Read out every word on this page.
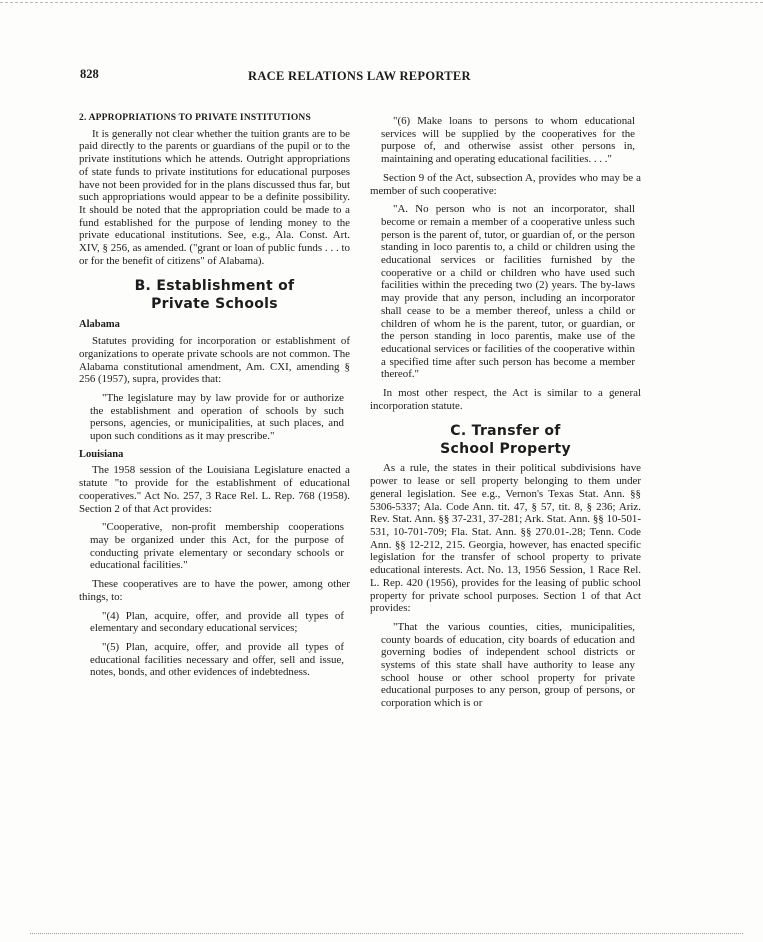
828	RACE RELATIONS LAW REPORTER
2. APPROPRIATIONS TO PRIVATE INSTITUTIONS

It is generally not clear whether the tuition grants are to be paid directly to the parents or guardians of the pupil or to the private institutions which he attends. Outright appropriations of state funds to private institutions for educational purposes have not been provided for in the plans discussed thus far, but such appropriations would appear to be a definite possibility. It should be noted that the appropriation could be made to a fund established for the purpose of lending money to the private educational institutions. See, e.g., Ala. Const. Art. XIV, § 256, as amended. ("grant or loan of public funds . . . to or for the benefit of citizens" of Alabama).

B. Establishment of
Private Schools
Alabama

Statutes providing for incorporation or establishment of organizations to operate private schools are not common. The Alabama constitutional amendment, Am. CXI, amending § 256 (1957), supra, provides that:

"The legislature may by law provide for or authorize the establishment and operation of schools by such persons, agencies, or municipalities, at such places, and upon such conditions as it may prescribe."

Louisiana

The 1958 session of the Louisiana Legislature enacted a statute "to provide for the establishment of educational cooperatives." Act No. 257, 3 Race Rel. L. Rep. 768 (1958). Section 2 of that Act provides:

"Cooperative, non-profit membership cooperations may be organized under this Act, for the purpose of conducting private elementary or secondary schools or educational facilities."

These cooperatives are to have the power, among other things, to:

"(4) Plan, acquire, offer, and provide all types of elementary and secondary educational services;

"(5) Plan, acquire, offer, and provide all types of educational facilities necessary and offer, sell and issue, notes, bonds, and other evidences of indebtedness.

"(6) Make loans to persons to whom educational services will be supplied by the cooperatives for the purpose of, and otherwise assist other persons in, maintaining and operating educational facilities. . . ."

Section 9 of the Act, subsection A, provides who may be a member of such cooperative:

"A. No person who is not an incorporator, shall become or remain a member of a cooperative unless such person is the parent of, tutor, or guardian of, or the person standing in loco parentis to, a child or children using the educational services or facilities furnished by the cooperative or a child or children who have used such facilities within the preceding two (2) years. The by-laws may provide that any person, including an incorporator shall cease to be a member thereof, unless a child or children of whom he is the parent, tutor, or guardian, or the person standing in loco parentis, make use of the educational services or facilities of the cooperative within a specified time after such person has become a member thereof."

In most other respect, the Act is similar to a general incorporation statute.

C. Transfer of
School Property

As a rule, the states in their political subdivisions have power to lease or sell property belonging to them under general legislation. See e.g., Vernon's Texas Stat. Ann. §§ 5306-5337; Ala. Code Ann. tit. 47, § 57, tit. 8, § 236; Ariz. Rev. Stat. Ann. §§ 37-231, 37-281; Ark. Stat. Ann. §§ 10-501-531, 10-701-709; Fla. Stat. Ann. §§ 270.01-.28; Tenn. Code Ann. §§ 12-212, 215. Georgia, however, has enacted specific legislation for the transfer of school property to private educational interests. Act. No. 13, 1956 Session, 1 Race Rel. L. Rep. 420 (1956), provides for the leasing of public school property for private school purposes. Section 1 of that Act provides:

"That the various counties, cities, municipalities, county boards of education, city boards of education and governing bodies of independent school districts or systems of this state shall have authority to lease any school house or other school property for private educational purposes to any person, group of persons, or corporation which is or
